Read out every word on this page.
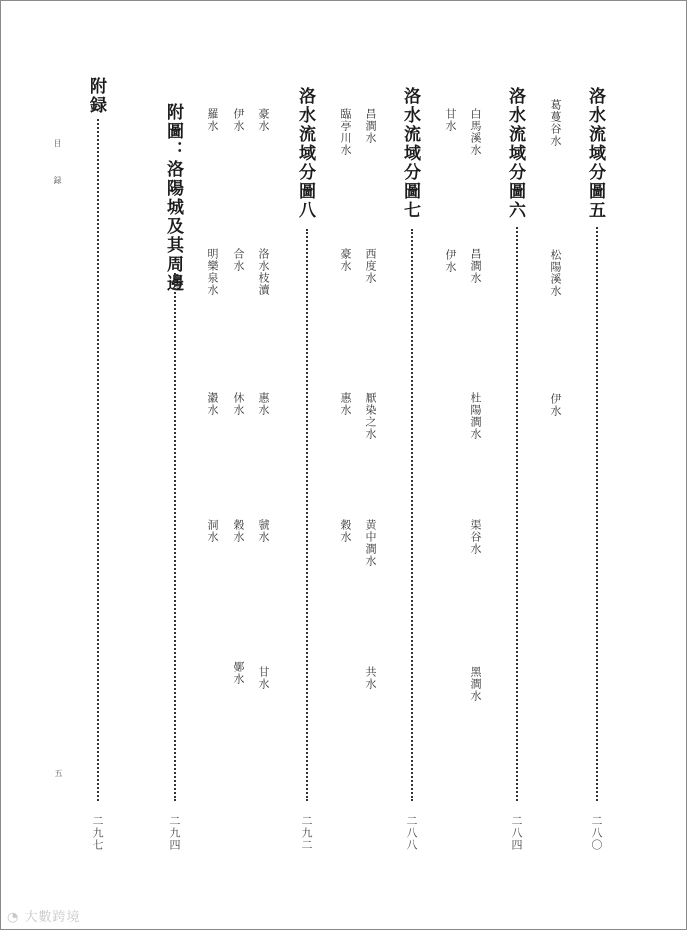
洛水流域分圖五
二八〇
葛蔓谷水
松陽溪水
伊水
洛水流域分圖六
二八四
白馬溪水
昌澗水
杜陽澗水
渠谷水
黑澗水
甘水
伊水
洛水流域分圖七
二八八
昌澗水
西度水
厭染之水
黄中澗水
共水
臨亭川水
豪水
惠水
穀水
洛水流域分圖八
二九二
豪水
洛水枝瀆
惠水
虢水
甘水
伊水
合水
休水
穀水
鄤水
羅水
明樂泉水
瀫水
洞水
附圖：洛陽城及其周邊
二九四
附録
二九七
目 録
五
◔ 大數跨境
